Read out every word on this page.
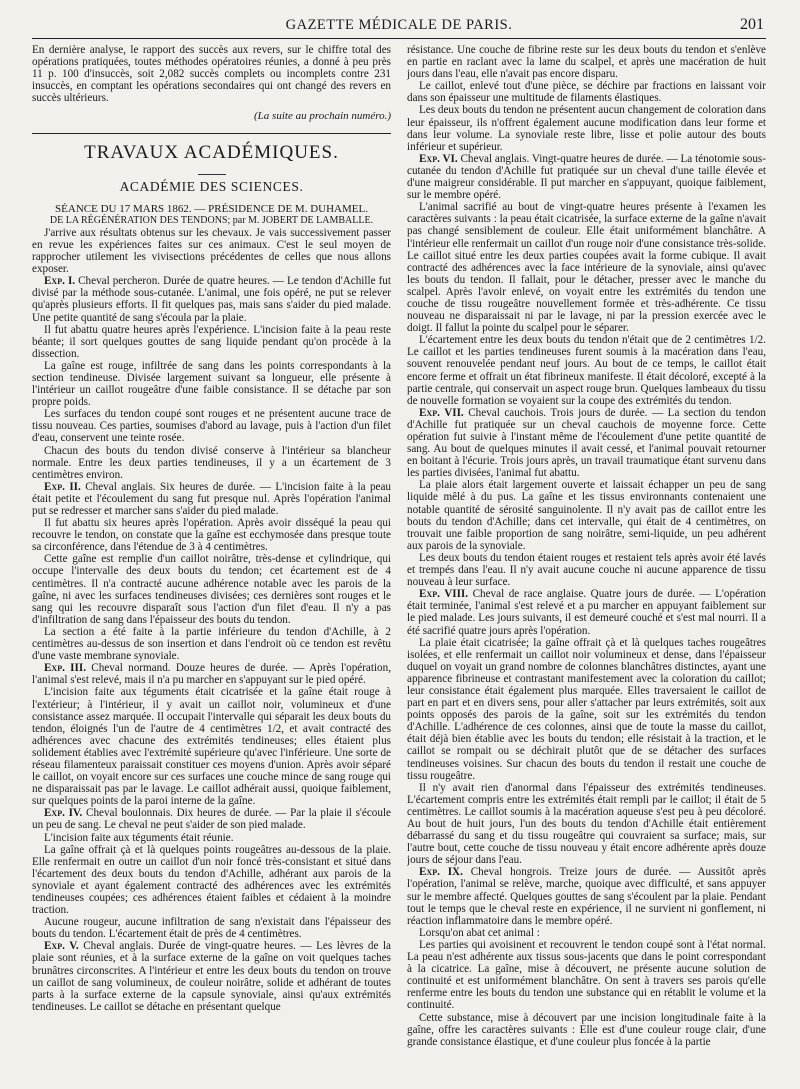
GAZETTE MÉDICALE DE PARIS.	201

En dernière analyse, le rapport des succès aux revers, sur le chiffre total des opérations pratiquées, toutes méthodes opératoires réunies, a donné à peu près 11 p. 100 d'insuccès, soit 2,082 succès complets ou incomplets contre 231 insuccès, en comptant les opérations secondaires qui ont changé des revers en succès ultérieurs.

(La suite au prochain numéro.)
TRAVAUX ACADÉMIQUES.
ACADÉMIE DES SCIENCES.

SÉANCE DU 17 MARS 1862. — PRÉSIDENCE DE M. DUHAMEL.

DE LA RÉGÉNÉRATION DES TENDONS; par M. JOBERT DE LAMBALLE.

J'arrive aux résultats obtenus sur les chevaux. Je vais successivement passer en revue les expériences faites sur ces animaux. C'est le seul moyen de rapprocher utilement les vivisections précédentes de celles que nous allons exposer.

Exp. I. Cheval percheron. Durée de quatre heures. — Le tendon d'Achille fut divisé par la méthode sous-cutanée. L'animal, une fois opéré, ne put se relever qu'après plusieurs efforts. Il fit quelques pas, mais sans s'aider du pied malade. Une petite quantité de sang s'écoula par la plaie.

Il fut abattu quatre heures après l'expérience. L'incision faite à la peau reste béante; il sort quelques gouttes de sang liquide pendant qu'on procède à la dissection.

La gaîne est rouge, infiltrée de sang dans les points correspondants à la section tendineuse. Divisée largement suivant sa longueur, elle présente à l'intérieur un caillot rougeâtre d'une faible consistance. Il se détache par son propre poids.

Les surfaces du tendon coupé sont rouges et ne présentent aucune trace de tissu nouveau. Ces parties, soumises d'abord au lavage, puis à l'action d'un filet d'eau, conservent une teinte rosée.

Chacun des bouts du tendon divisé conserve à l'intérieur sa blancheur normale. Entre les deux parties tendineuses, il y a un écartement de 3 centimètres environ.

Exp. II. Cheval anglais. Six heures de durée. — L'incision faite à la peau était petite et l'écoulement du sang fut presque nul. Après l'opération l'animal put se redresser et marcher sans s'aider du pied malade.

Il fut abattu six heures après l'opération. Après avoir disséqué la peau qui recouvre le tendon, on constate que la gaîne est ecchymosée dans presque toute sa circonférence, dans l'étendue de 3 à 4 centimètres.

Cette gaîne est remplie d'un caillot noirâtre, très-dense et cylindrique, qui occupe l'intervalle des deux bouts du tendon; cet écartement est de 4 centimètres. Il n'a contracté aucune adhérence notable avec les parois de la gaîne, ni avec les surfaces tendineuses divisées; ces dernières sont rouges et le sang qui les recouvre disparaît sous l'action d'un filet d'eau. Il n'y a pas d'infiltration de sang dans l'épaisseur des bouts du tendon.

La section a été faite à la partie inférieure du tendon d'Achille, à 2 centimètres au-dessus de son insertion et dans l'endroit où ce tendon est revêtu d'une vaste membrane synoviale.

Exp. III. Cheval normand. Douze heures de durée. — Après l'opération, l'animal s'est relevé, mais il n'a pu marcher en s'appuyant sur le pied opéré.

L'incision faite aux téguments était cicatrisée et la gaîne était rouge à l'extérieur; à l'intérieur, il y avait un caillot noir, volumineux et d'une consistance assez marquée. Il occupait l'intervalle qui séparait les deux bouts du tendon, éloignés l'un de l'autre de 4 centimètres 1/2, et avait contracté des adhérences avec chacune des extrémités tendineuses; elles étaient plus solidement établies avec l'extrémité supérieure qu'avec l'inférieure. Une sorte de réseau filamenteux paraissait constituer ces moyens d'union. Après avoir séparé le caillot, on voyait encore sur ces surfaces une couche mince de sang rouge qui ne disparaissait pas par le lavage. Le caillot adhérait aussi, quoique faiblement, sur quelques points de la paroi interne de la gaîne.

Exp. IV. Cheval boulonnais. Dix heures de durée. — Par la plaie il s'écoule un peu de sang. Le cheval ne peut s'aider de son pied malade.

L'incision faite aux téguments était réunie.

La gaîne offrait çà et là quelques points rougeâtres au-dessous de la plaie. Elle renfermait en outre un caillot d'un noir foncé très-consistant et situé dans l'écartement des deux bouts du tendon d'Achille, adhérant aux parois de la synoviale et ayant également contracté des adhérences avec les extrémités tendineuses coupées; ces adhérences étaient faibles et cédaient à la moindre traction.

Aucune rougeur, aucune infiltration de sang n'existait dans l'épaisseur des bouts du tendon. L'écartement était de près de 4 centimètres.

Exp. V. Cheval anglais. Durée de vingt-quatre heures. — Les lèvres de la plaie sont réunies, et à la surface externe de la gaîne on voit quelques taches brunâtres circonscrites. A l'intérieur et entre les deux bouts du tendon on trouve un caillot de sang volumineux, de couleur noirâtre, solide et adhérant de toutes parts à la surface externe de la capsule synoviale, ainsi qu'aux extrémités tendineuses. Le caillot se détache en présentant quelque

résistance. Une couche de fibrine reste sur les deux bouts du tendon et s'enlève en partie en raclant avec la lame du scalpel, et après une macération de huit jours dans l'eau, elle n'avait pas encore disparu.

Le caillot, enlevé tout d'une pièce, se déchire par fractions en laissant voir dans son épaisseur une multitude de filaments élastiques.

Les deux bouts du tendon ne présentent aucun changement de coloration dans leur épaisseur, ils n'offrent également aucune modification dans leur forme et dans leur volume. La synoviale reste libre, lisse et polie autour des bouts inférieur et supérieur.

Exp. VI. Cheval anglais. Vingt-quatre heures de durée. — La ténotomie sous-cutanée du tendon d'Achille fut pratiquée sur un cheval d'une taille élevée et d'une maigreur considérable. Il put marcher en s'appuyant, quoique faiblement, sur le membre opéré.

L'animal sacrifié au bout de vingt-quatre heures présente à l'examen les caractères suivants : la peau était cicatrisée, la surface externe de la gaîne n'avait pas changé sensiblement de couleur. Elle était uniformément blanchâtre. A l'intérieur elle renfermait un caillot d'un rouge noir d'une consistance très-solide. Le caillot situé entre les deux parties coupées avait la forme cubique. Il avait contracté des adhérences avec la face intérieure de la synoviale, ainsi qu'avec les bouts du tendon. Il fallait, pour le détacher, presser avec le manche du scalpel. Après l'avoir enlevé, on voyait entre les extrémités du tendon une couche de tissu rougeâtre nouvellement formée et très-adhérente. Ce tissu nouveau ne disparaissait ni par le lavage, ni par la pression exercée avec le doigt. Il fallut la pointe du scalpel pour le séparer.

L'écartement entre les deux bouts du tendon n'était que de 2 centimètres 1/2. Le caillot et les parties tendineuses furent soumis à la macération dans l'eau, souvent renouvelée pendant neuf jours. Au bout de ce temps, le caillot était encore ferme et offrait un état fibrineux manifeste. Il était décoloré, excepté à la partie centrale, qui conservait un aspect rouge brun. Quelques lambeaux du tissu de nouvelle formation se voyaient sur la coupe des extrémités du tendon.

Exp. VII. Cheval cauchois. Trois jours de durée. — La section du tendon d'Achille fut pratiquée sur un cheval cauchois de moyenne force. Cette opération fut suivie à l'instant même de l'écoulement d'une petite quantité de sang. Au bout de quelques minutes il avait cessé, et l'animal pouvait retourner en boitant à l'écurie. Trois jours après, un travail traumatique étant survenu dans les parties divisées, l'animal fut abattu.

La plaie alors était largement ouverte et laissait échapper un peu de sang liquide mêlé à du pus. La gaîne et les tissus environnants contenaient une notable quantité de sérosité sanguinolente. Il n'y avait pas de caillot entre les bouts du tendon d'Achille; dans cet intervalle, qui était de 4 centimètres, on trouvait une faible proportion de sang noirâtre, semi-liquide, un peu adhérent aux parois de la synoviale.

Les deux bouts du tendon étaient rouges et restaient tels après avoir été lavés et trempés dans l'eau. Il n'y avait aucune couche ni aucune apparence de tissu nouveau à leur surface.

Exp. VIII. Cheval de race anglaise. Quatre jours de durée. — L'opération était terminée, l'animal s'est relevé et a pu marcher en appuyant faiblement sur le pied malade. Les jours suivants, il est demeuré couché et s'est mal nourri. Il a été sacrifié quatre jours après l'opération.

La plaie était cicatrisée; la gaîne offrait çà et là quelques taches rougeâtres isolées, et elle renfermait un caillot noir volumineux et dense, dans l'épaisseur duquel on voyait un grand nombre de colonnes blanchâtres distinctes, ayant une apparence fibrineuse et contrastant manifestement avec la coloration du caillot; leur consistance était également plus marquée. Elles traversaient le caillot de part en part et en divers sens, pour aller s'attacher par leurs extrémités, soit aux points opposés des parois de la gaîne, soit sur les extrémités du tendon d'Achille. L'adhérence de ces colonnes, ainsi que de toute la masse du caillot, était déjà bien établie avec les bouts du tendon; elle résistait à la traction, et le caillot se rompait ou se déchirait plutôt que de se détacher des surfaces tendineuses voisines. Sur chacun des bouts du tendon il restait une couche de tissu rougeâtre.

Il n'y avait rien d'anormal dans l'épaisseur des extrémités tendineuses. L'écartement compris entre les extrémités était rempli par le caillot; il était de 5 centimètres. Le caillot soumis à la macération aqueuse s'est peu à peu décoloré. Au bout de huit jours, l'un des bouts du tendon d'Achille était entièrement débarrassé du sang et du tissu rougeâtre qui couvraient sa surface; mais, sur l'autre bout, cette couche de tissu nouveau y était encore adhérente après douze jours de séjour dans l'eau.

Exp. IX. Cheval hongrois. Treize jours de durée. — Aussitôt après l'opération, l'animal se relève, marche, quoique avec difficulté, et sans appuyer sur le membre affecté. Quelques gouttes de sang s'écoulent par la plaie. Pendant tout le temps que le cheval reste en expérience, il ne survient ni gonflement, ni réaction inflammatoire dans le membre opéré.

Lorsqu'on abat cet animal :

Les parties qui avoisinent et recouvrent le tendon coupé sont à l'état normal. La peau n'est adhérente aux tissus sous-jacents que dans le point correspondant à la cicatrice. La gaîne, mise à découvert, ne présente aucune solution de continuité et est uniformément blanchâtre. On sent à travers ses parois qu'elle renferme entre les bouts du tendon une substance qui en rétablit le volume et la continuité.

Cette substance, mise à découvert par une incision longitudinale faite à la gaîne, offre les caractères suivants : Elle est d'une couleur rouge clair, d'une grande consistance élastique, et d'une couleur plus foncée à la partie
